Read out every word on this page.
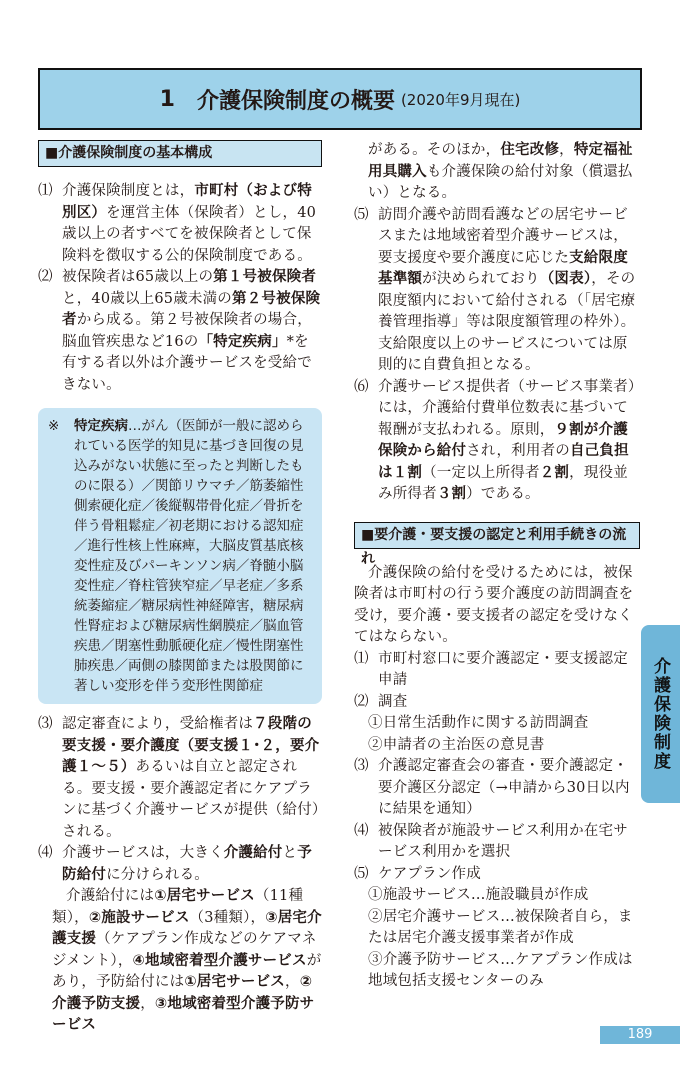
1 介護保険制度の概要 (2020年9月現在)
■介護保険制度の基本構成
⑴ 介護保険制度とは，市町村（および特別区）を運営主体（保険者）とし，40歳以上の者すべてを被保険者として保険料を徴収する公的保険制度である。
⑵ 被保険者は65歳以上の第１号被保険者と，40歳以上65歳未満の第２号被保険者から成る。第２号被保険者の場合，脳血管疾患など16の「特定疾病」*を有する者以外は介護サービスを受給できない。
※	特定疾病…がん（医師が一般に認められている医学的知見に基づき回復の見込みがない状態に至ったと判断したものに限る）／関節リウマチ／筋萎縮性側索硬化症／後縦靱帯骨化症／骨折を伴う骨粗鬆症／初老期における認知症／進行性核上性麻痺，大脳皮質基底核変性症及びパーキンソン病／脊髄小脳変性症／脊柱管狭窄症／早老症／多系統萎縮症／糖尿病性神経障害，糖尿病性腎症および糖尿病性網膜症／脳血管疾患／閉塞性動脈硬化症／慢性閉塞性肺疾患／両側の膝関節または股関節に著しい変形を伴う変形性関節症
⑶ 認定審査により，受給権者は７段階の要支援・要介護度（要支援１･２，要介護１～５）あるいは自立と認定される。要支援・要介護認定者にケアプランに基づく介護サービスが提供（給付）される。
⑷ 介護サービスは，大きく介護給付と予防給付に分けられる。

介護給付には①居宅サービス（11種類），②施設サービス（3種類），③居宅介護支援（ケアプラン作成などのケアマネジメント），④地域密着型介護サービスがあり，予防給付には①居宅サービス，②介護予防支援，③地域密着型介護予防サービス

がある。そのほか，住宅改修，特定福祉用具購入も介護保険の給付対象（償還払い）となる。

⑸ 訪問介護や訪問看護などの居宅サービスまたは地域密着型介護サービスは，要支援度や要介護度に応じた支給限度基準額が決められており（図表），その限度額内において給付される（「居宅療養管理指導」等は限度額管理の枠外）。支給限度以上のサービスについては原則的に自費負担となる。
⑹ 介護サービス提供者（サービス事業者）には，介護給付費単位数表に基づいて報酬が支払われる。原則，９割が介護保険から給付され，利用者の自己負担は１割（一定以上所得者２割，現役並み所得者３割）である。
■要介護・要支援の認定と利用手続きの流れ

介護保険の給付を受けるためには，被保険者は市町村の行う要介護度の訪問調査を受け，要介護・要支援者の認定を受けなくてはならない。

⑴ 市町村窓口に要介護認定・要支援認定申請
⑵ 調査

①日常生活動作に関する訪問調査

②申請者の主治医の意見書

⑶ 介護認定審査会の審査・要介護認定・要介護区分認定（→申請から30日以内に結果を通知）
⑷ 被保険者が施設サービス利用か在宅サービス利用かを選択
⑸ ケアプラン作成

①施設サービス…施設職員が作成

②居宅介護サービス…被保険者自ら，または居宅介護支援事業者が作成

③介護予防サービス…ケアプラン作成は地域包括支援センターのみ

介護保険制度
189
